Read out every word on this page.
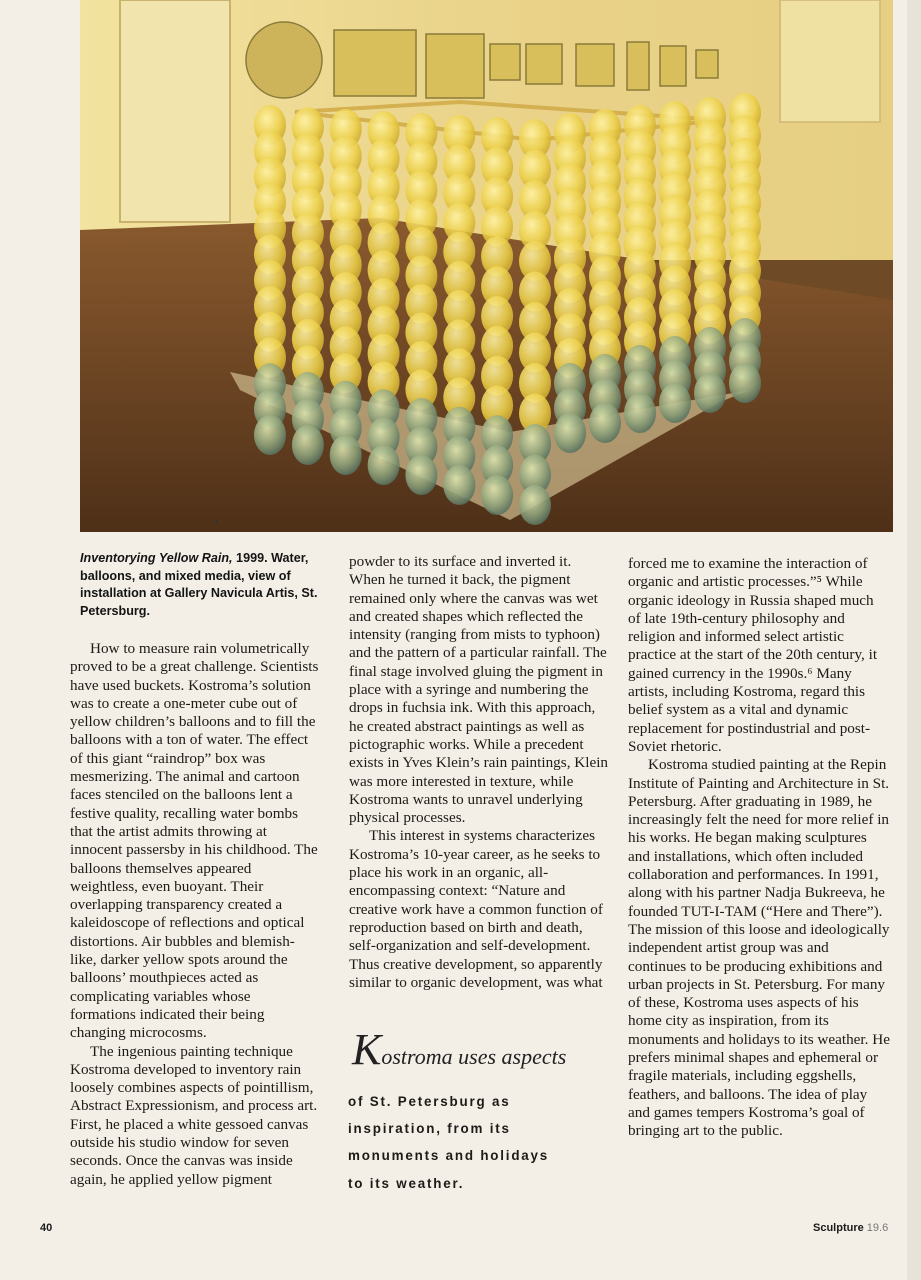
Inventorying Yellow Rain, 1999. Water, balloons, and mixed media, view of installation at Gallery Navicula Artis, St. Petersburg.

How to measure rain volumetrically proved to be a great challenge. Scientists have used buckets. Kostroma’s solution was to create a one-meter cube out of yellow children’s balloons and to fill the balloons with a ton of water. The effect of this giant “raindrop” box was mesmerizing. The animal and cartoon faces stenciled on the balloons lent a festive quality, recalling water bombs that the artist admits throwing at innocent passersby in his childhood. The balloons themselves appeared weightless, even buoyant. Their overlapping transparency created a kaleidoscope of reflections and optical distortions. Air bubbles and blemish-like, darker yellow spots around the balloons’ mouthpieces acted as complicating variables whose formations indicated their being changing microcosms.

The ingenious painting technique Kostroma developed to inventory rain loosely combines aspects of pointillism, Abstract Expressionism, and process art. First, he placed a white gessoed canvas outside his studio window for seven seconds. Once the canvas was inside again, he applied yellow pigment

powder to its surface and inverted it. When he turned it back, the pigment remained only where the canvas was wet and created shapes which reflected the intensity (ranging from mists to typhoon) and the pattern of a particular rainfall. The final stage involved gluing the pigment in place with a syringe and numbering the drops in fuchsia ink. With this approach, he created abstract paintings as well as pictographic works. While a precedent exists in Yves Klein’s rain paintings, Klein was more interested in texture, while Kostroma wants to unravel underlying physical processes.

This interest in systems characterizes Kostroma’s 10-year career, as he seeks to place his work in an organic, all-encompassing context: “Nature and creative work have a common function of reproduction based on birth and death, self-organization and self-development. Thus creative development, so apparently similar to organic development, was what

Kostroma uses aspects
of St. Petersburg as
inspiration, from its
monuments and holidays
to its weather.

forced me to examine the interaction of organic and artistic processes.”⁵ While organic ideology in Russia shaped much of late 19th-century philosophy and religion and informed select artistic practice at the start of the 20th century, it gained currency in the 1990s.⁶ Many artists, including Kostroma, regard this belief system as a vital and dynamic replacement for postindustrial and post-Soviet rhetoric.

Kostroma studied painting at the Repin Institute of Painting and Architecture in St. Petersburg. After graduating in 1989, he increasingly felt the need for more relief in his works. He began making sculptures and installations, which often included collaboration and performances. In 1991, along with his partner Nadja Bukreeva, he founded TUT-I-TAM (“Here and There”). The mission of this loose and ideologically independent artist group was and continues to be producing exhibitions and urban projects in St. Petersburg. For many of these, Kostroma uses aspects of his home city as inspiration, from its monuments and holidays to its weather. He prefers minimal shapes and ephemeral or fragile materials, including eggshells, feathers, and balloons. The idea of play and games tempers Kostroma’s goal of bringing art to the public.

40	Sculpture 19.6
